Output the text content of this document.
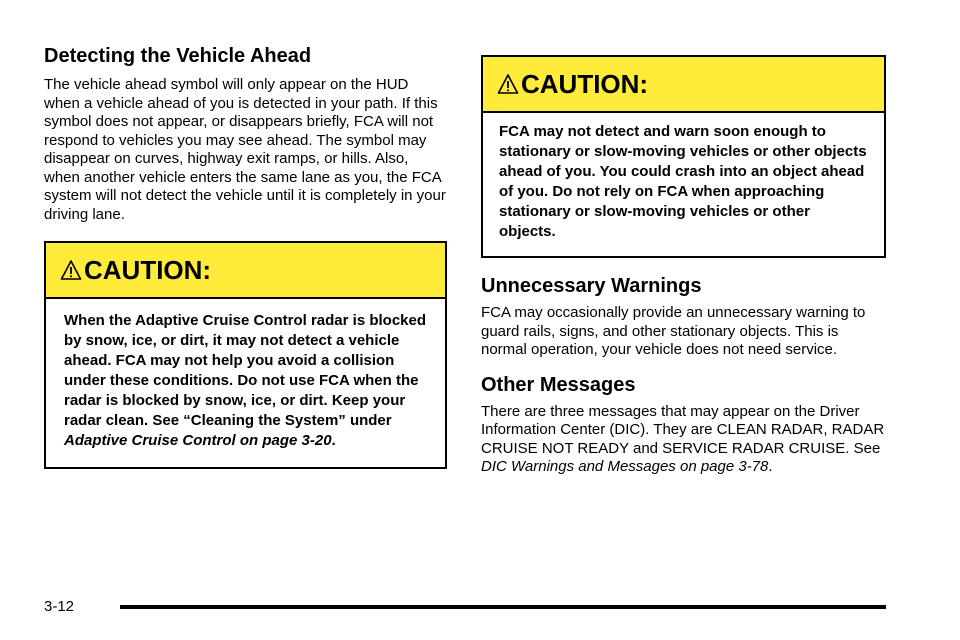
Detecting the Vehicle Ahead

The vehicle ahead symbol will only appear on the HUD when a vehicle ahead of you is detected in your path. If this symbol does not appear, or disappears briefly, FCA will not respond to vehicles you may see ahead. The symbol may disappear on curves, highway exit ramps, or hills. Also, when another vehicle enters the same lane as you, the FCA system will not detect the vehicle until it is completely in your driving lane.

CAUTION:

When the Adaptive Cruise Control radar is blocked by snow, ice, or dirt, it may not detect a vehicle ahead. FCA may not help you avoid a collision under these conditions. Do not use FCA when the radar is blocked by snow, ice, or dirt. Keep your radar clean. See “Cleaning the System” under Adaptive Cruise Control on page 3-20.

CAUTION:

FCA may not detect and warn soon enough to stationary or slow-moving vehicles or other objects ahead of you. You could crash into an object ahead of you. Do not rely on FCA when approaching stationary or slow-moving vehicles or other objects.

Unnecessary Warnings

FCA may occasionally provide an unnecessary warning to guard rails, signs, and other stationary objects. This is normal operation, your vehicle does not need service.

Other Messages

There are three messages that may appear on the Driver Information Center (DIC). They are CLEAN RADAR, RADAR CRUISE NOT READY and SERVICE RADAR CRUISE. See DIC Warnings and Messages on page 3-78.

3-12
